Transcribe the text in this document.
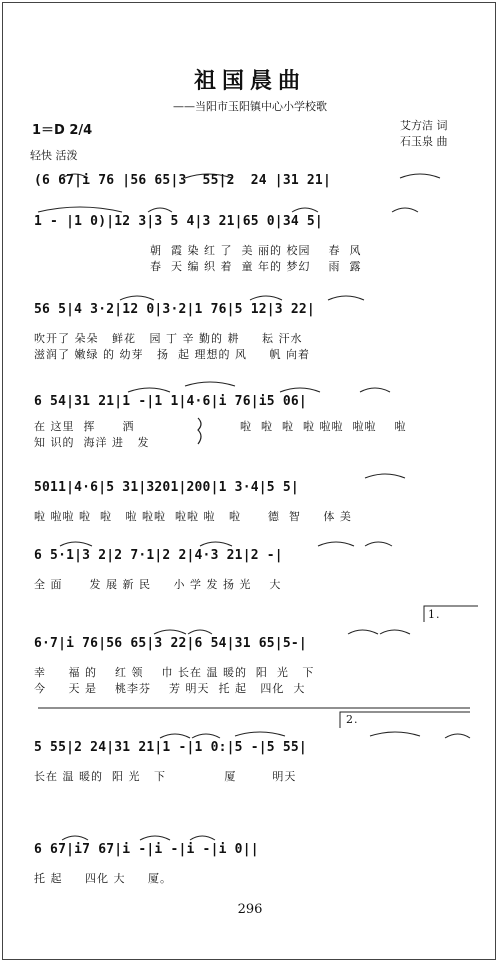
祖国晨曲
——当阳市玉阳镇中心小学校歌
1＝D 2/4
轻快 活泼
艾方洁 词
石玉泉 曲
(6 67|i 76 |56 65|3  55|2  24 |31 21|
1 - |1 0)|12 3|3 5 4|3 21|65 0|34 5|
朝  霞 染 红 了  美 丽的 校园    春  风
春  天 编 织 着  童 年的 梦幻    雨  露
56 5|4 3·2|12 0|3·2|1 76|5 12|3 22|
吹开了 朵朵   鲜花   园 丁 辛 勤的 耕     耘 汗水
滋润了 嫩绿 的 幼芽   扬  起 理想的 风     帆 向着
6 54|31 21|1 -|1 1|4·6|i 76|i5 06|
在 这里  挥      洒
知 识的  海洋 进   发
啦  啦  啦  啦 啦啦  啦啦    啦
5011|4·6|5 31|3201|200|1 3·4|5 5|
啦 啦啦 啦  啦   啦 啦啦  啦啦 啦   啦      德  智     体 美
6 5·1|3 2|2 7·1|2 2|4·3 21|2 -|
全 面      发 展 新 民     小 学 发 扬 光    大
1.
6·7|i 76|56 65|3 22|6 54|31 65|5-|
幸     福 的    红 领    巾 长在 温 暖的  阳  光   下
今     天 是    桃李芬    芳 明天  托 起   四化  大
2.
5 55|2 24|31 21|1 -|1 0:|5 -|5 55|
长在 温 暖的  阳 光   下             厦        明天
6 67|i7 67|i -|i -|i -|i 0||
托 起     四化 大     厦。
296
